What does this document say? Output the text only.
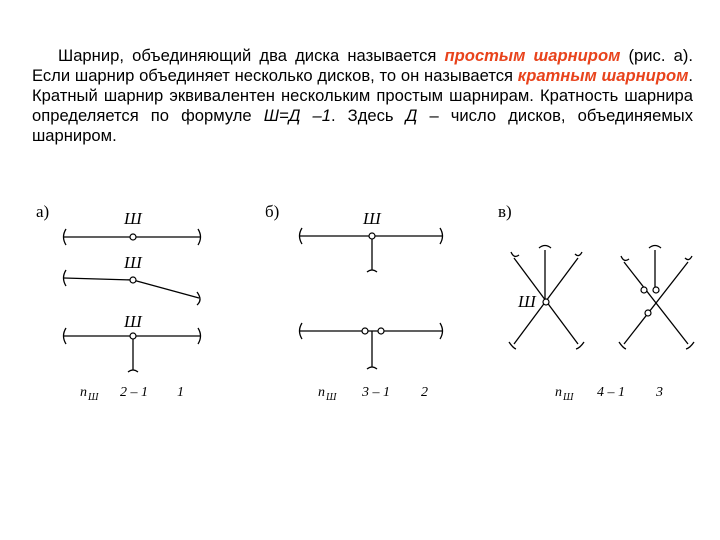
Шарнир, объединяющий два диска называется простым шарниром (рис. а). Если шарнир объединяет несколько дисков, то он называется кратным шарниром. Кратный шарнир эквивалентен нескольким простым шарнирам. Кратность шарнира определяется по формуле Ш=Д –1. Здесь Д – число дисков, объединяемых шарниром.
а)	Ш
Ш
Ш
n Ш 2 – 1 1
б)	Ш
n Ш 3 – 1 2
в)
Ш
n Ш 4 – 1 3
